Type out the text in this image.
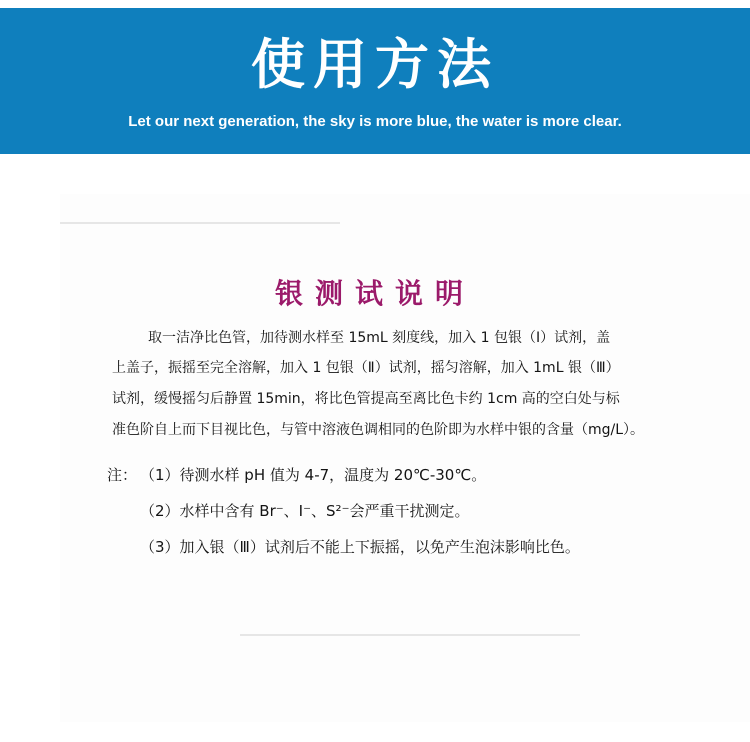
使用方法
Let our next generation, the sky is more blue, the water is more clear.
银测试说明
取一洁净比色管，加待测水样至 15mL 刻度线，加入 1 包银（Ⅰ）试剂，盖
上盖子，振摇至完全溶解，加入 1 包银（Ⅱ）试剂，摇匀溶解，加入 1mL 银（Ⅲ）
试剂，缓慢摇匀后静置 15min，将比色管提高至离比色卡约 1cm 高的空白处与标
准色阶自上而下目视比色，与管中溶液色调相同的色阶即为水样中银的含量（mg/L）。
注： （1）待测水样 pH 值为 4-7，温度为 20℃-30℃。
（2）水样中含有 Br⁻、I⁻、S²⁻会严重干扰测定。
（3）加入银（Ⅲ）试剂后不能上下振摇，以免产生泡沫影响比色。
